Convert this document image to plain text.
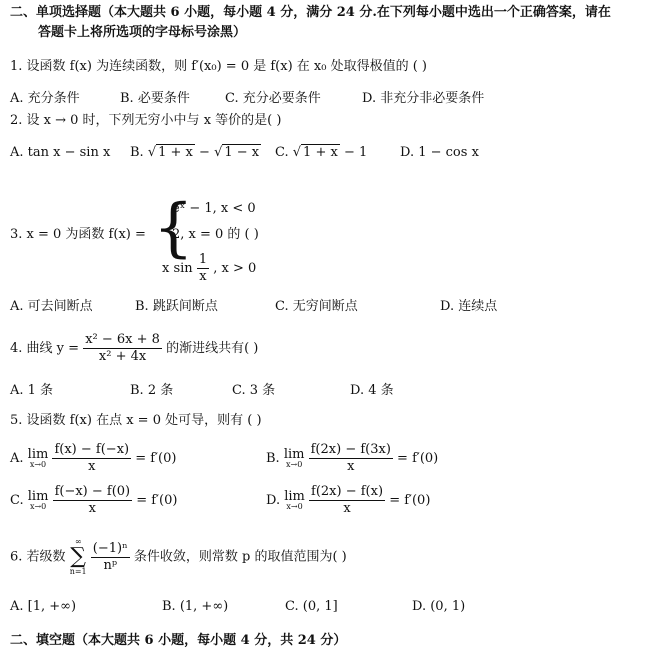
二、单项选择题（本大题共 6 小题，每小题 4 分，满分 24 分.在下列每小题中选出一个正确答案，请在
答题卡上将所选项的字母标号涂黑）
1. 设函数 f(x) 为连续函数，则 f′(x₀) = 0 是 f(x) 在 x₀ 处取得极值的 ( )
A. 充分条件	B. 必要条件	C. 充分必要条件	D. 非充分非必要条件
2. 设 x → 0 时，下列无穷小中与 x 等价的是( )
A. tan x − sin x B. √ 1 + x − √ 1 − x C. √ 1 + x − 1	D. 1 − cos x
3. x = 0 为函数 f(x) = {
eˣ − 1, x < 0
2, x = 0 的 ( )
x $\sin \frac{1}{x}$ , x > 0
A. 可去间断点	B. 跳跃间断点	C. 无穷间断点	D. 连续点
4. 曲线 $y = \frac{\text{x² − 6x + 8}}{\text{x² + 4x}}$ 的渐进线共有( )
A. 1 条	B. 2 条	C. 3 条	D. 4 条
5. 设函数 f(x) 在点 x = 0 处可导，则有 ( )
A. lim
x→0
$\frac{f(x) - f(-x)}{x} = f'(0)$	B. lim
x→0
$\frac{f(2x) - f(3x)}{x} = f'(0)$
C. lim
x→0
$\frac{f(-x) - f(0)}{x} = f'(0)$	D. lim
x→0
$\frac{f(2x) - f(x)}{x} = f'(0)$
6. 若级数
∞
∑
n=1
$\frac{\text{(−1)ⁿ}}{\text{nᵖ}}$ 条件收敛，则常数 p 的取值范围为( )
A. [1, +∞)	B. (1, +∞)	C. (0, 1]	D. (0, 1)
二、填空题（本大题共 6 小题，每小题 4 分，共 24 分）
